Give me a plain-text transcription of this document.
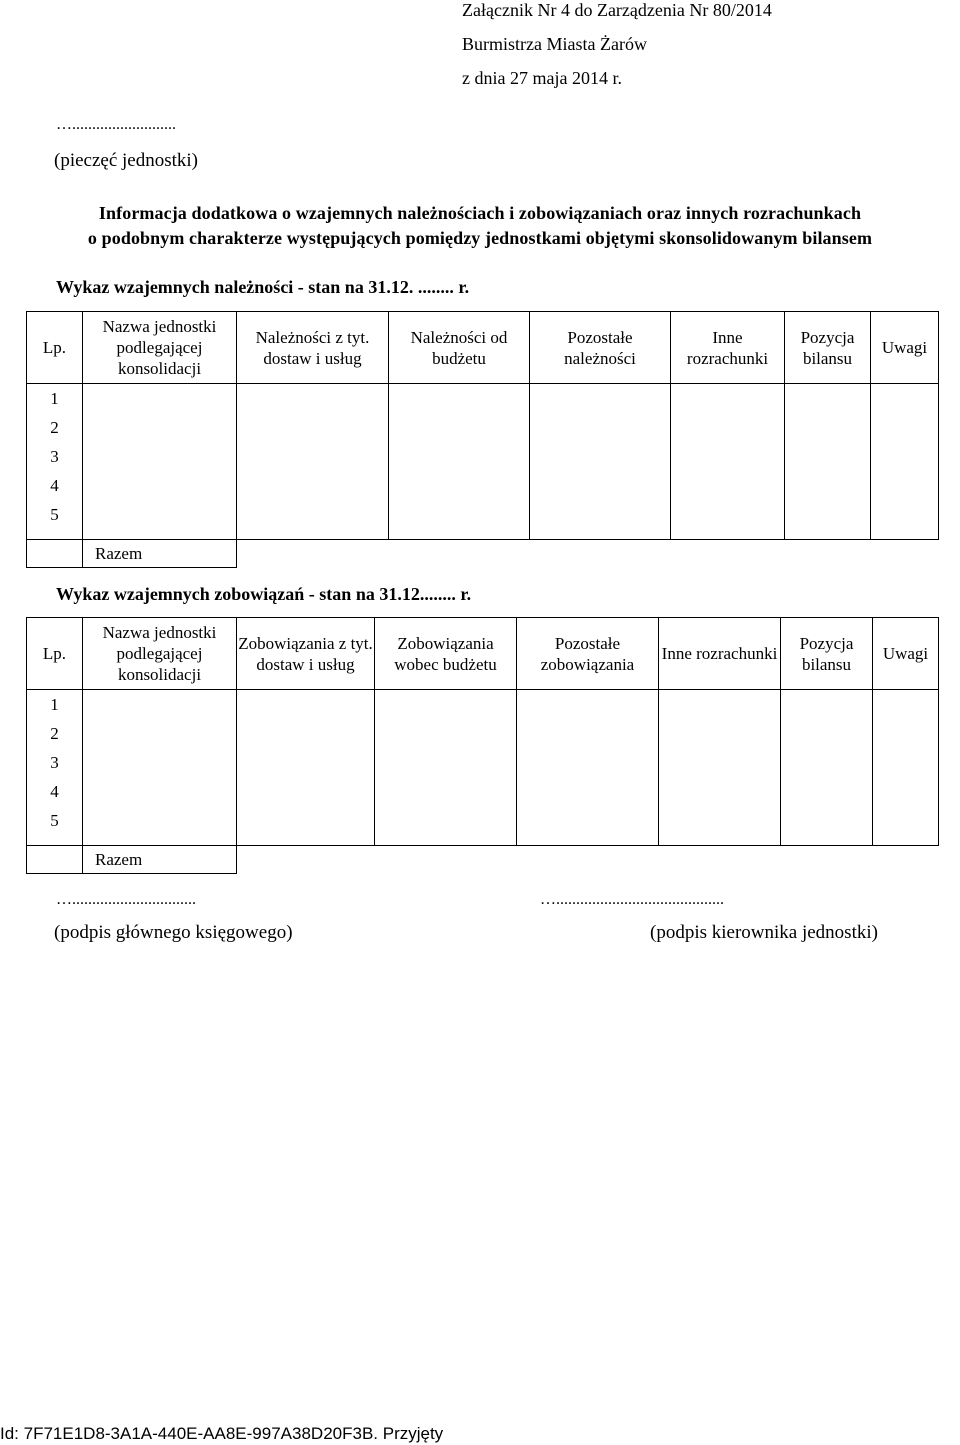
Załącznik Nr 4 do Zarządzenia Nr 80/2014
Burmistrza Miasta Żarów
z dnia 27 maja 2014 r.
…..........................
(pieczęć jednostki)
Informacja dodatkowa o wzajemnych należnościach i zobowiązaniach oraz innych rozrachunkach
o podobnym charakterze występujących pomiędzy jednostkami objętymi skonsolidowanym bilansem
Wykaz wzajemnych należności - stan na 31.12. ........ r.
Lp.	Nazwa jednostki podlegającej konsolidacji	Należności z tyt. dostaw i usług	Należności od budżetu	Pozostałe należności	Inne rozrachunki	Pozycja bilansu	Uwagi

1
2
3
4
5							

	Razem						
Wykaz wzajemnych zobowiązań - stan na 31.12........ r.
Lp.	Nazwa jednostki podlegającej konsolidacji	Zobowiązania z tyt. dostaw i usług	Zobowiązania wobec budżetu	Pozostałe zobowiązania	Inne rozrachunki	Pozycja bilansu	Uwagi

1
2
3
4
5							

	Razem						
…...............................
(podpis głównego księgowego)
…..........................................
(podpis kierownika jednostki)
Id: 7F71E1D8-3A1A-440E-AA8E-997A38D20F3B. Przyjęty
